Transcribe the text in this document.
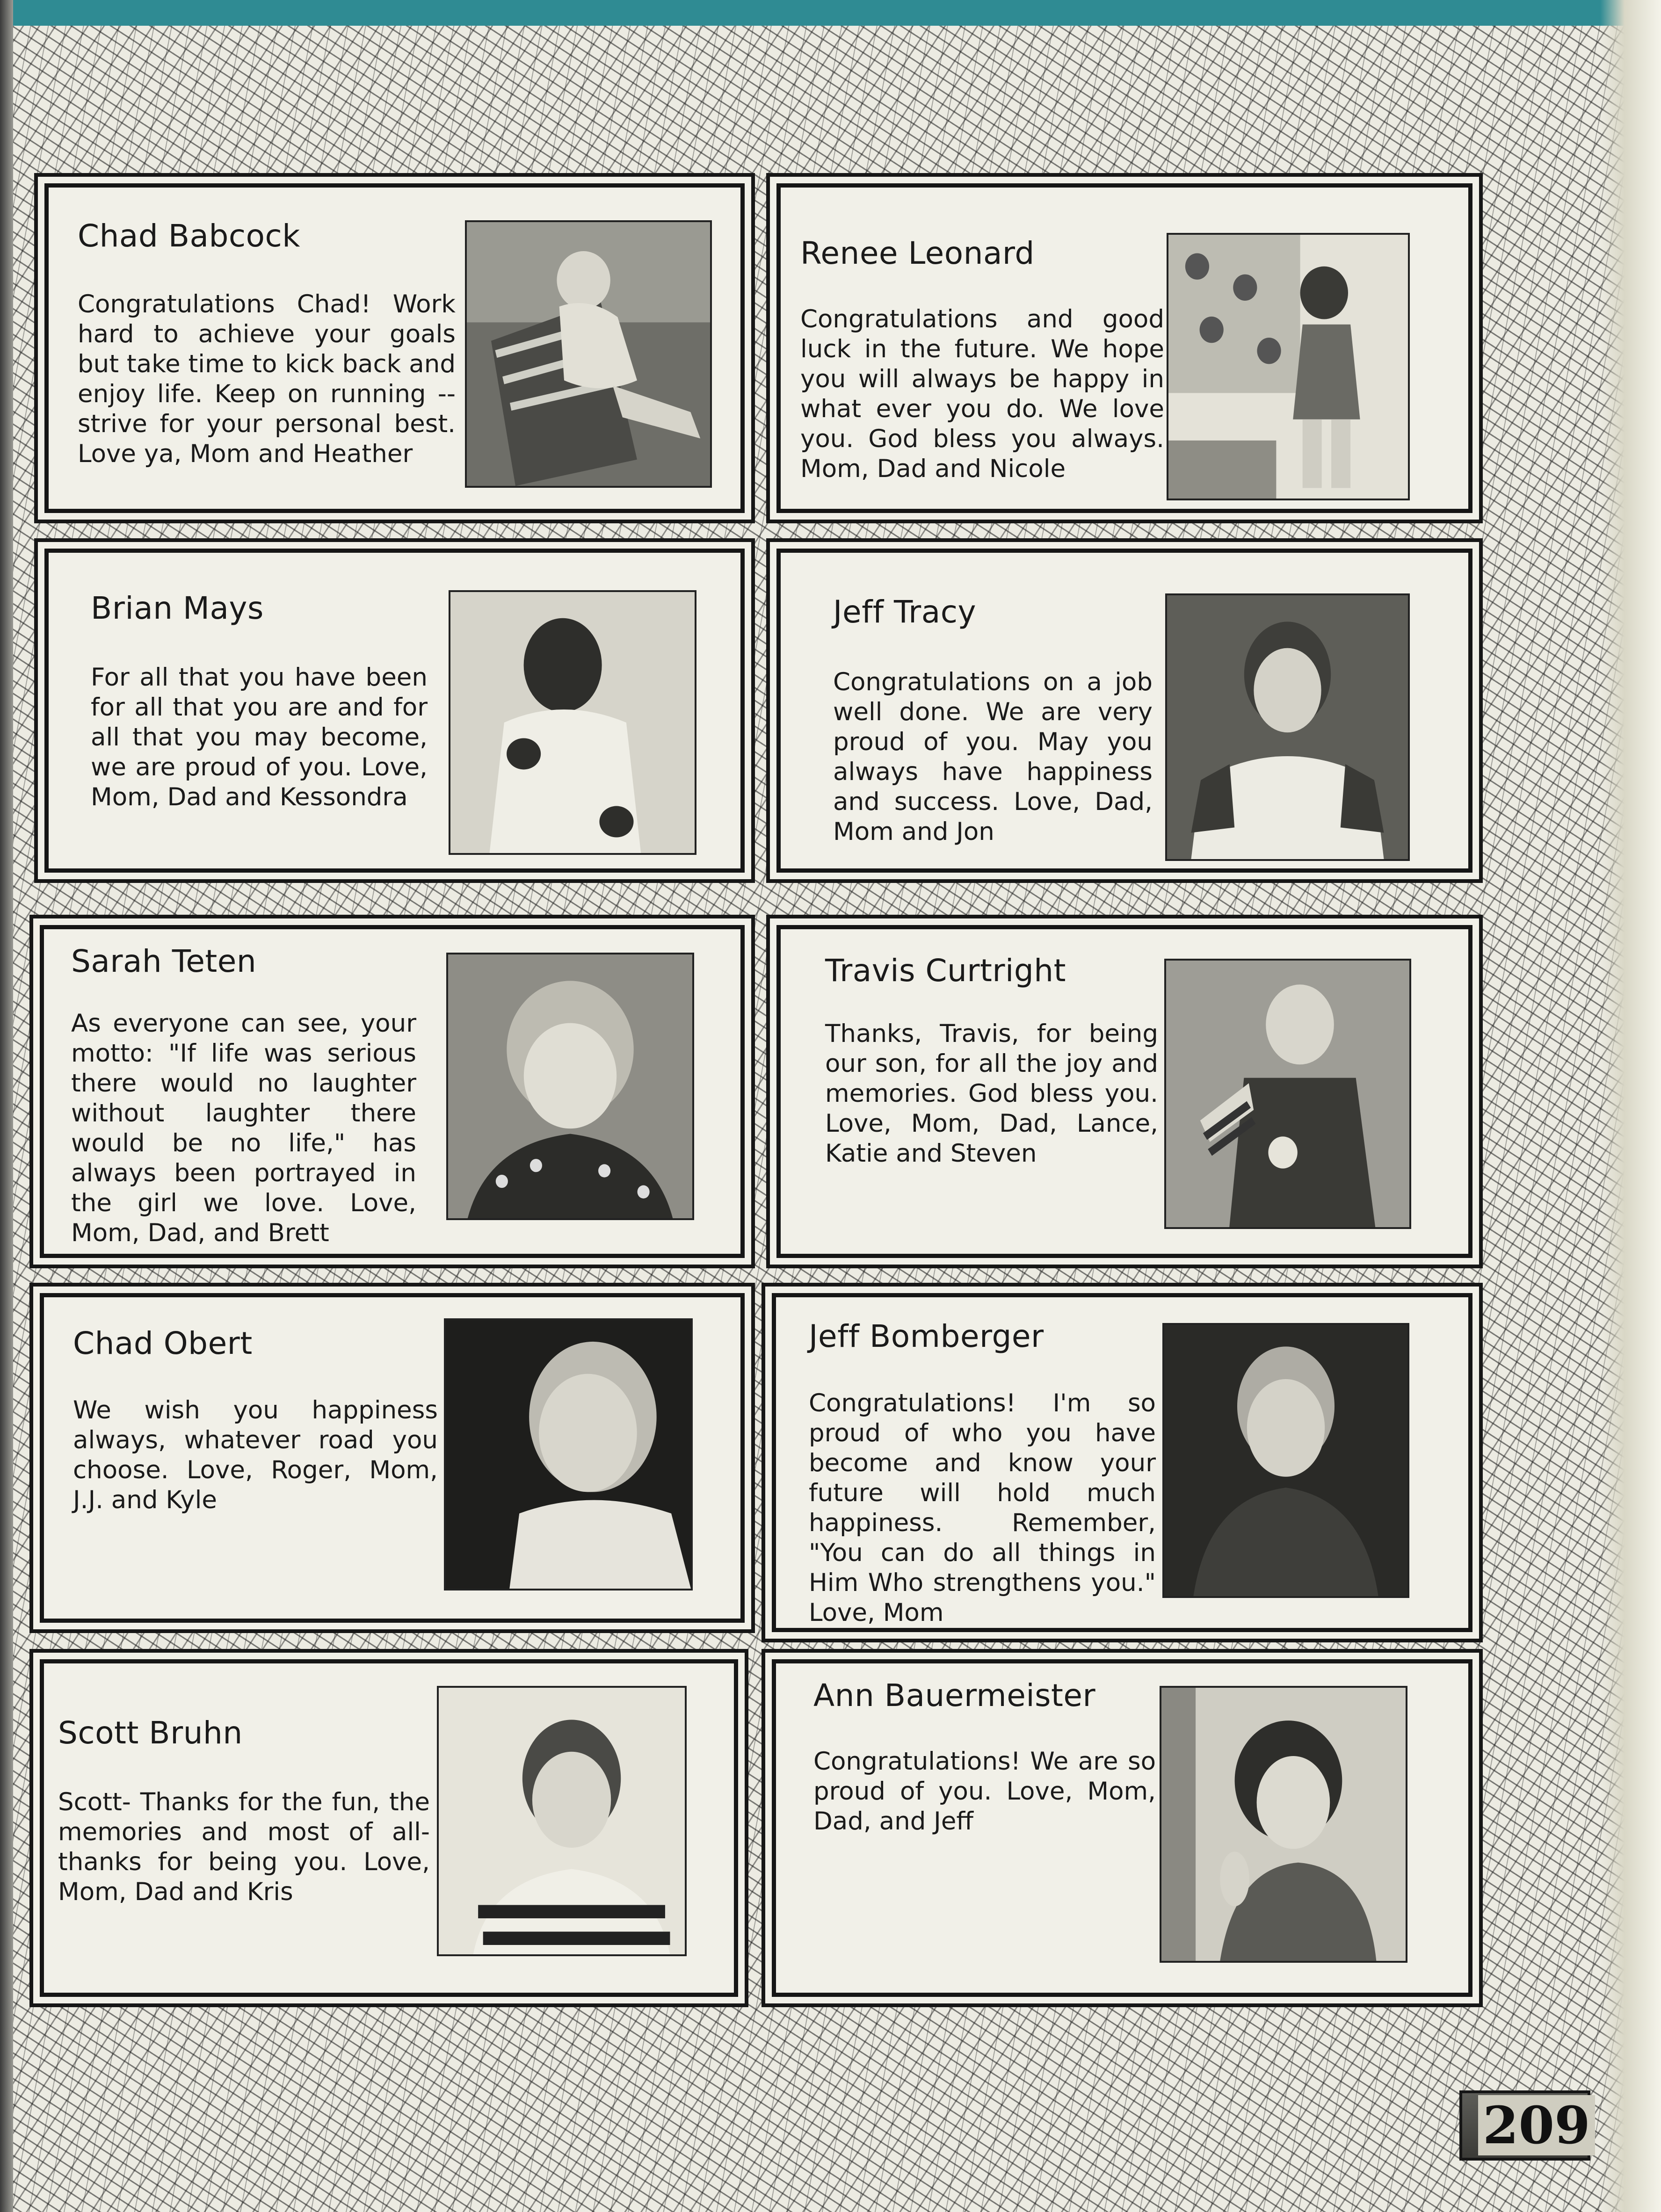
Chad Babcock

Congratulations Chad! Work hard to achieve your goals but take time to kick back and enjoy life. Keep on running -- strive for your personal best. Love ya, Mom and Heather

Renee Leonard

Congratulations and good luck in the future. We hope you will always be happy in what ever you do. We love you. God bless you always. Mom, Dad and Nicole

Brian Mays

For all that you have been for all that you are and for all that you may become, we are proud of you. Love, Mom, Dad and Kessondra

Jeff Tracy

Congratulations on a job well done. We are very proud of you. May you always have happiness and success. Love, Dad, Mom and Jon

Sarah Teten

As everyone can see, your motto: "If life was serious there would no laughter without laughter there would be no life," has always been portrayed in the girl we love. Love, Mom, Dad, and Brett

Travis Curtright

Thanks, Travis, for being our son, for all the joy and memories. God bless you. Love, Mom, Dad, Lance, Katie and Steven

Chad Obert

We wish you happiness always, whatever road you choose. Love, Roger, Mom, J.J. and Kyle

Jeff Bomberger

Congratulations! I'm so proud of who you have become and know your future will hold much happiness. Remember, "You can do all things in Him Who strengthens you." Love, Mom

Scott Bruhn

Scott- Thanks for the fun, the memories and most of all- thanks for being you. Love, Mom, Dad and Kris

Ann Bauermeister

Congratulations! We are so proud of you. Love, Mom, Dad, and Jeff

209
